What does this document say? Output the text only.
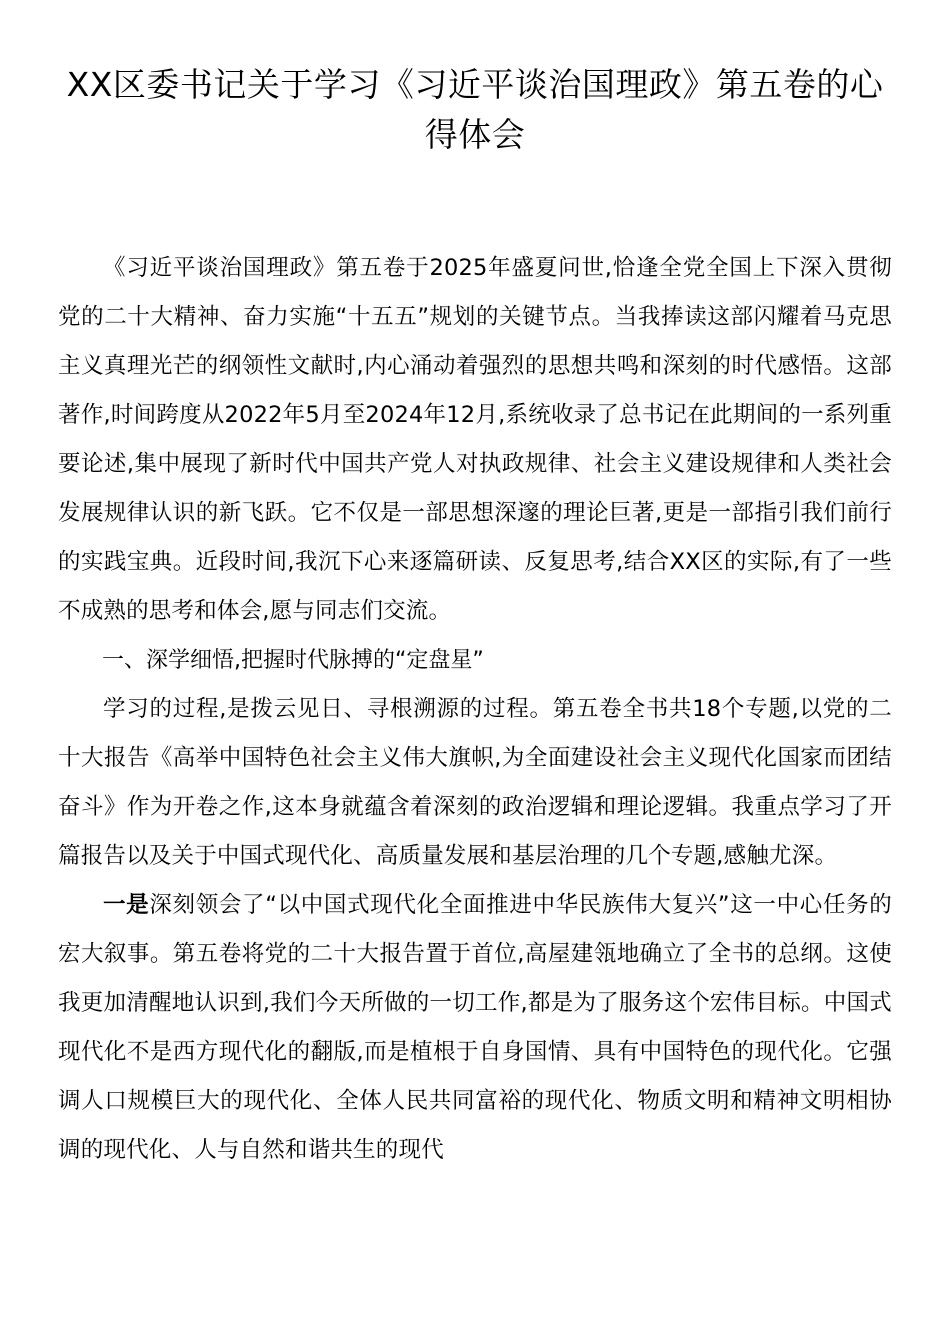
XX区委书记关于学习《习近平谈治国理政》第五卷的心得体会

《习近平谈治国理政》第五卷于2025年盛夏问世,恰逢全党全国上下深入贯彻党的二十大精神、奋力实施“十五五”规划的关键节点。当我捧读这部闪耀着马克思主义真理光芒的纲领性文献时,内心涌动着强烈的思想共鸣和深刻的时代感悟。这部著作,时间跨度从2022年5月至2024年12月,系统收录了总书记在此期间的一系列重要论述,集中展现了新时代中国共产党人对执政规律、社会主义建设规律和人类社会发展规律认识的新飞跃。它不仅是一部思想深邃的理论巨著,更是一部指引我们前行的实践宝典。近段时间,我沉下心来逐篇研读、反复思考,结合XX区的实际,有了一些不成熟的思考和体会,愿与同志们交流。

一、深学细悟,把握时代脉搏的“定盘星”

学习的过程,是拨云见日、寻根溯源的过程。第五卷全书共18个专题,以党的二十大报告《高举中国特色社会主义伟大旗帜,为全面建设社会主义现代化国家而团结奋斗》作为开卷之作,这本身就蕴含着深刻的政治逻辑和理论逻辑。我重点学习了开篇报告以及关于中国式现代化、高质量发展和基层治理的几个专题,感触尤深。

一是深刻领会了“以中国式现代化全面推进中华民族伟大复兴”这一中心任务的宏大叙事。第五卷将党的二十大报告置于首位,高屋建瓴地确立了全书的总纲。这使我更加清醒地认识到,我们今天所做的一切工作,都是为了服务这个宏伟目标。中国式现代化不是西方现代化的翻版,而是植根于自身国情、具有中国特色的现代化。它强调人口规模巨大的现代化、全体人民共同富裕的现代化、物质文明和精神文明相协调的现代化、人与自然和谐共生的现代
